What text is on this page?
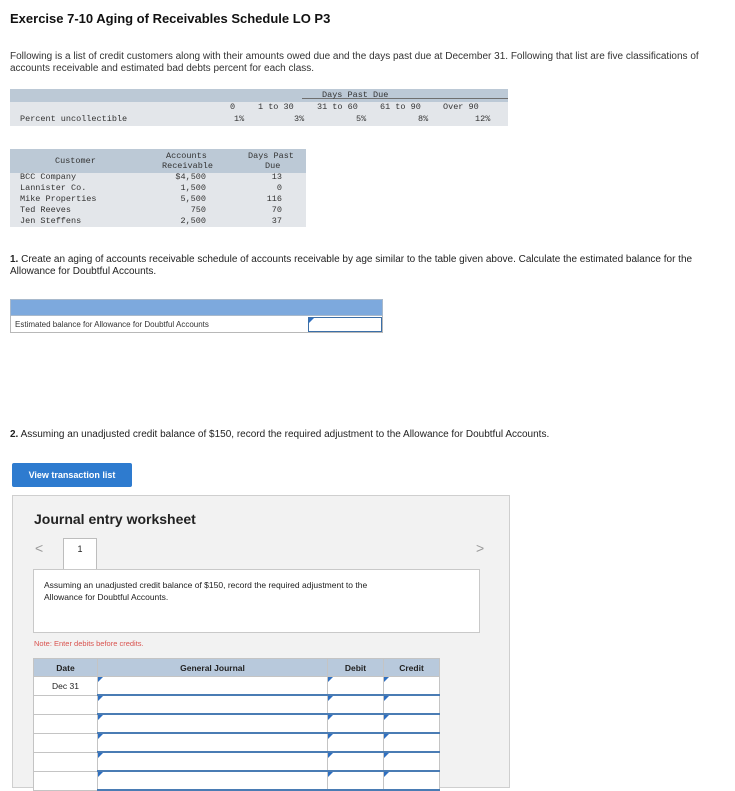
Exercise 7-10 Aging of Receivables Schedule LO P3
Following is a list of credit customers along with their amounts owed due and the days past due at December 31. Following that list are five classifications of accounts receivable and estimated bad debts percent for each class.
Days Past Due
0	1 to 30	31 to 60	61 to 90	Over 90
Percent uncollectible	1%	3%	5%	8%	12%
Customer	Accounts
Receivable
Days Past
Due
BCC Company	$4,500	13
Lannister Co.	1,500	0
Mike Properties	5,500	116
Ted Reeves	750	70
Jen Steffens	2,500	37
1. Create an aging of accounts receivable schedule of accounts receivable by age similar to the table given above. Calculate the estimated balance for the Allowance for Doubtful Accounts.
Estimated balance for Allowance for Doubtful Accounts
2. Assuming an unadjusted credit balance of $150, record the required adjustment to the Allowance for Doubtful Accounts.
View transaction list
Journal entry worksheet
<	>
1
Assuming an unadjusted credit balance of $150, record the required adjustment to the Allowance for Doubtful Accounts.
Note: Enter debits before credits.
Date	General Journal	Debit	Credit
Dec 31			
